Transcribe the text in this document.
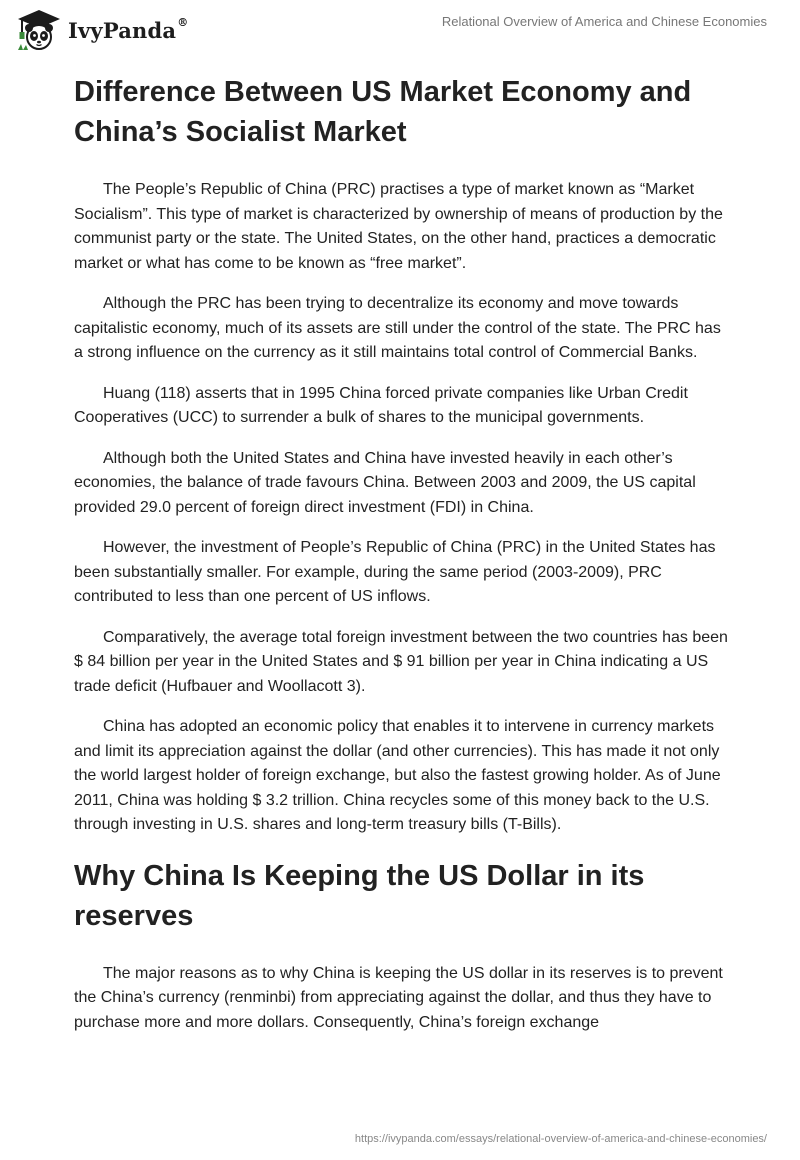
IvyPanda®	Relational Overview of America and Chinese Economies
Difference Between US Market Economy and China’s Socialist Market

The People’s Republic of China (PRC) practises a type of market known as “Market Socialism”. This type of market is characterized by ownership of means of production by the communist party or the state. The United States, on the other hand, practices a democratic market or what has come to be known as “free market”.

Although the PRC has been trying to decentralize its economy and move towards capitalistic economy, much of its assets are still under the control of the state. The PRC has a strong influence on the currency as it still maintains total control of Commercial Banks.

Huang (118) asserts that in 1995 China forced private companies like Urban Credit Cooperatives (UCC) to surrender a bulk of shares to the municipal governments.

Although both the United States and China have invested heavily in each other’s economies, the balance of trade favours China. Between 2003 and 2009, the US capital provided 29.0 percent of foreign direct investment (FDI) in China.

However, the investment of People’s Republic of China (PRC) in the United States has been substantially smaller. For example, during the same period (2003-2009), PRC contributed to less than one percent of US inflows.

Comparatively, the average total foreign investment between the two countries has been $ 84 billion per year in the United States and $ 91 billion per year in China indicating a US trade deficit (Hufbauer and Woollacott 3).

China has adopted an economic policy that enables it to intervene in currency markets and limit its appreciation against the dollar (and other currencies). This has made it not only the world largest holder of foreign exchange, but also the fastest growing holder. As of June 2011, China was holding $ 3.2 trillion. China recycles some of this money back to the U.S. through investing in U.S. shares and long-term treasury bills (T-Bills).

Why China Is Keeping the US Dollar in its reserves

The major reasons as to why China is keeping the US dollar in its reserves is to prevent the China’s currency (renminbi) from appreciating against the dollar, and thus they have to purchase more and more dollars. Consequently, China’s foreign exchange

https://ivypanda.com/essays/relational-overview-of-america-and-chinese-economies/
